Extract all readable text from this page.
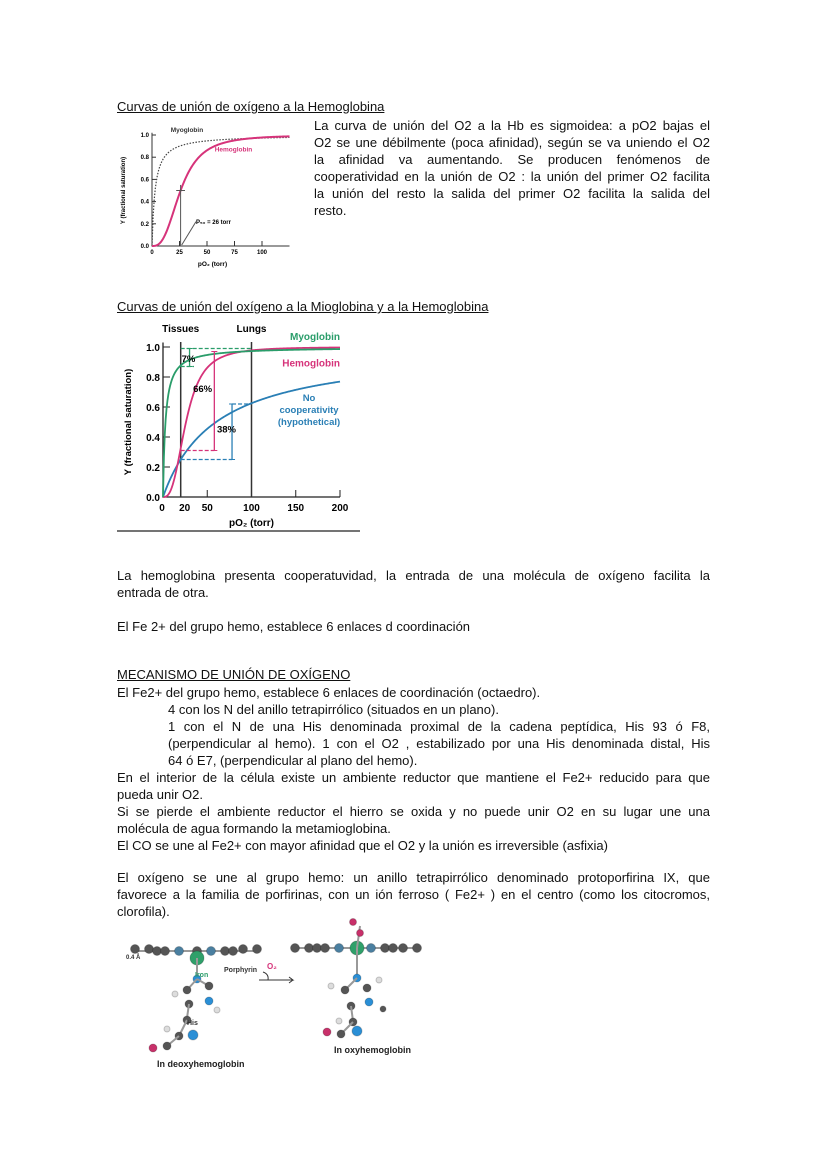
Curvas de unión de oxígeno a la Hemoglobina
0.0
0.2
0.4
0.6
0.8
1.0
0	25	50	75	100
Y (fractional saturation)
pO₂ (torr)
P₅₀ = 26 torr
Myoglobin
Hemoglobin
La curva de unión del O2 a la Hb es sigmoidea: a pO2 bajas el
O2 se une débilmente (poca afinidad), según se va uniendo el O2
la afinidad va aumentando. Se producen fenómenos de
cooperatividad en la unión de O2 : la unión del primer O2 facilita
la unión del resto la salida del primer O2 facilita la salida del
resto.
Curvas de unión del oxígeno a la Mioglobina y a la Hemoglobina
0.0
0.2
0.4
0.6
0.8
1.0
0 20 50	100	150	200
Y (fractional saturation)
pO₂ (torr)
Tissues	Lungs
7%
66%
38%
Myoglobin
Hemoglobin
No
cooperativity
(hypothetical)
La hemoglobina presenta cooperatuvidad, la entrada de una molécula de oxígeno facilita la
entrada de otra.
El Fe 2+ del grupo hemo, establece 6 enlaces d coordinación
MECANISMO DE UNIÓN DE OXÍGENO
El Fe2+ del grupo hemo, establece 6 enlaces de coordinación (octaedro).
4 con los N del anillo tetrapirrólico (situados en un plano).
1 con el N de una His denominada proximal de la cadena peptídica, His 93 ó F8,
(perpendicular al hemo). 1 con el O2 , estabilizado por una His denominada distal, His
64 ó E7, (perpendicular al plano del hemo).
En el interior de la célula existe un ambiente reductor que mantiene el Fe2+ reducido para que
pueda unir O2.
Si se pierde el ambiente reductor el hierro se oxida y no puede unir O2 en su lugar une una
molécula de agua formando la metamioglobina.
El CO se une al Fe2+ con mayor afinidad que el O2 y la unión es irreversible (asfixia)
El oxígeno se une al grupo hemo: un anillo tetrapirrólico denominado protoporfirina IX, que
favorece a la familia de porfirinas, con un ión ferroso ( Fe2+ ) en el centro (como los citocromos,
clorofila).
0.4 Å
Iron
Porphyrin O₂
His
In deoxyhemoglobin
In oxyhemoglobin
